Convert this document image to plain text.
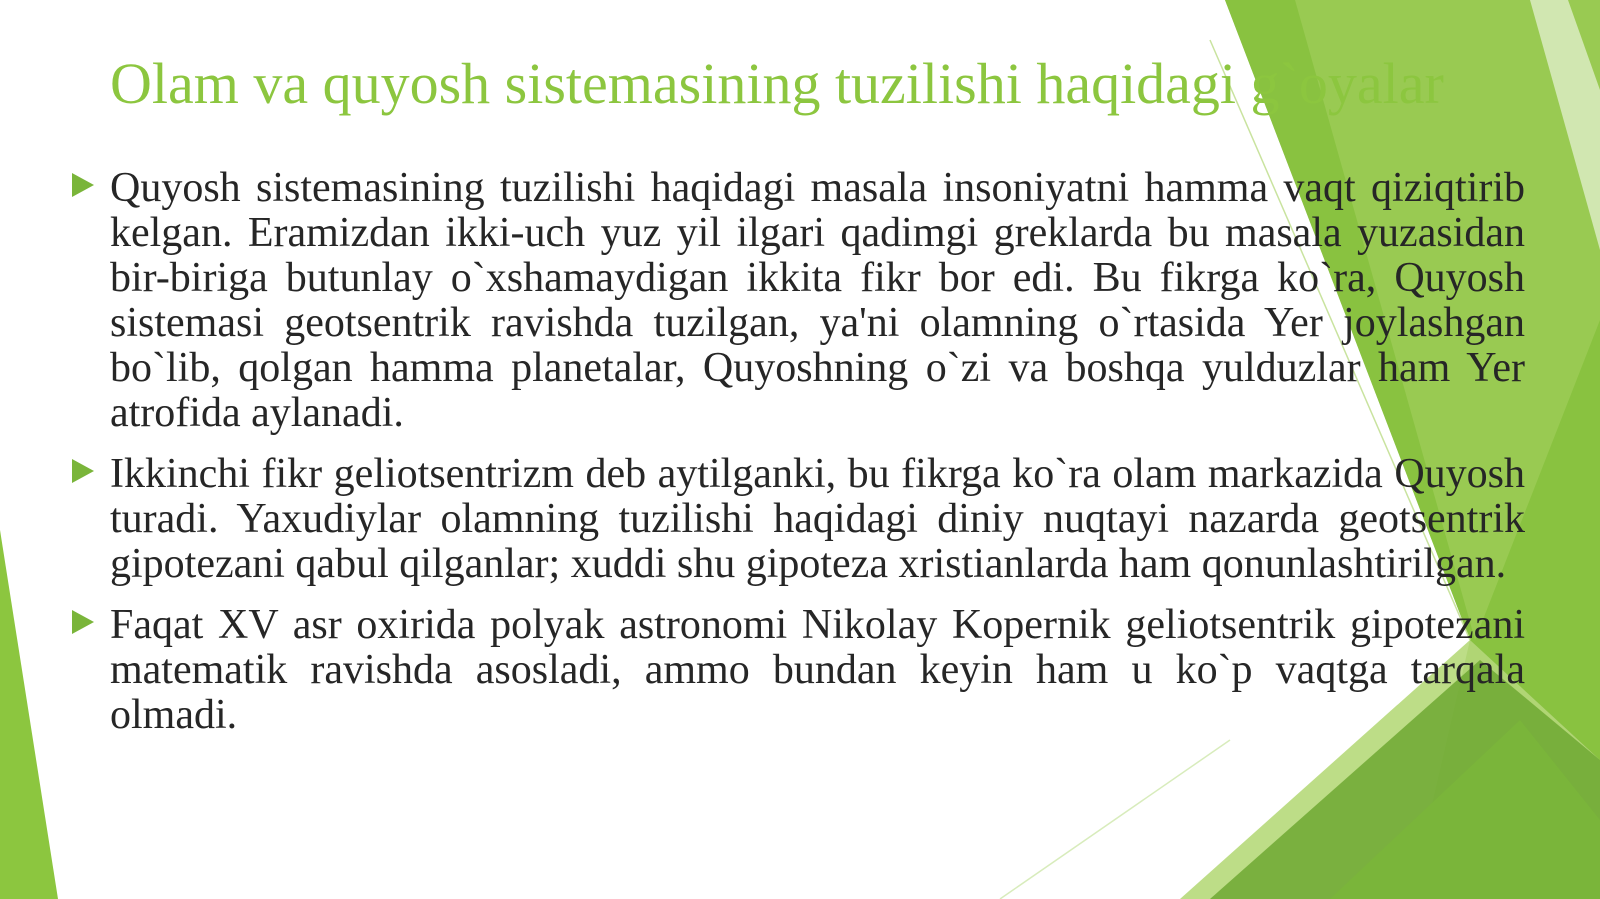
Olam va quyosh sistemasining tuzilishi haqidagi g`oyalar
Quyosh sistemasining tuzilishi haqidagi masala insoniyatni hamma vaqt qiziqtirib kelgan. Eramizdan ikki-uch yuz yil ilgari qadimgi greklarda bu masala yuzasidan bir-biriga butunlay o`xshamaydigan ikkita fikr bor edi. Bu fikrga ko`ra, Quyosh sistemasi geotsentrik ravishda tuzilgan, ya'ni olamning o`rtasida Yer joylashgan bo`lib, qolgan hamma planetalar, Quyoshning o`zi va boshqa yulduzlar ham Yer atrofida aylanadi.
Ikkinchi fikr geliotsentrizm deb aytilganki, bu fikrga ko`ra olam markazida Quyosh turadi. Yaxudiylar olamning tuzilishi haqidagi diniy nuqtayi nazarda geotsentrik gipotezani qabul qilganlar; xuddi shu gipoteza xristianlarda ham qonunlashtirilgan.
Faqat XV asr oxirida polyak astronomi Nikolay Kopernik geliotsentrik gipotezani matematik ravishda asosladi, ammo bundan keyin ham u ko`p vaqtga tarqala olmadi.
